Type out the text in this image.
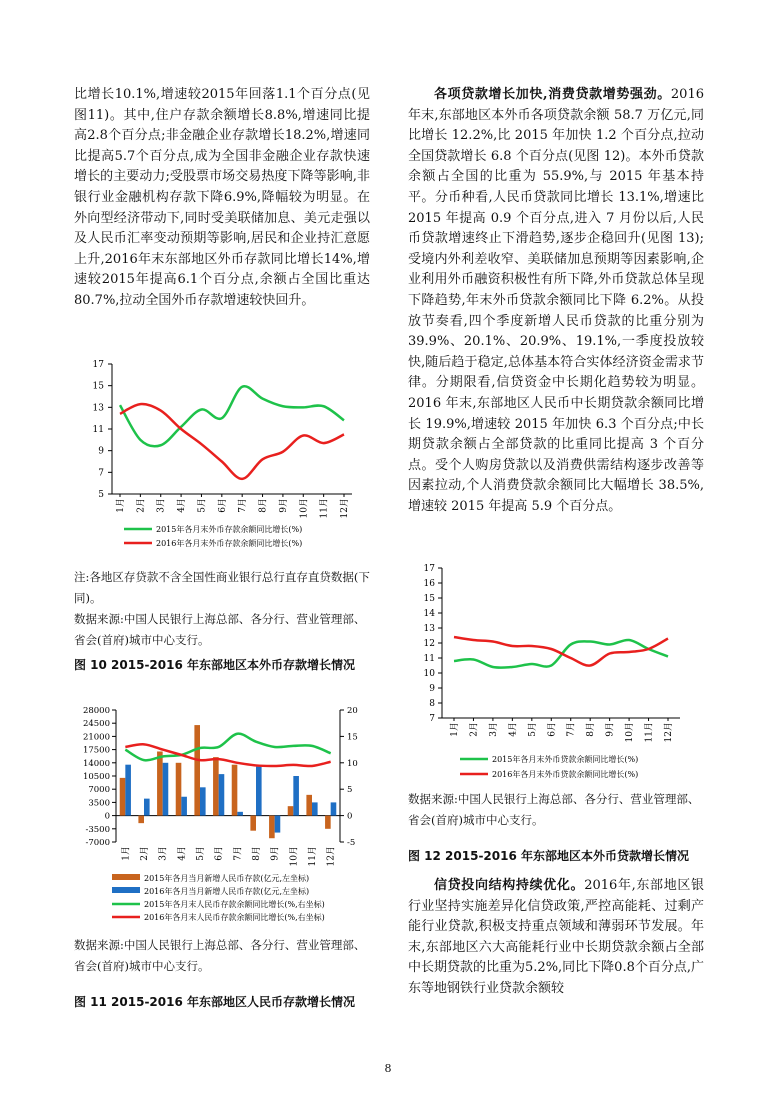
比增长10.1%,增速较2015年回落1.1个百分点(见图11)。其中,住户存款余额增长8.8%,增速同比提高2.8个百分点;非金融企业存款增长18.2%,增速同比提高5.7个百分点,成为全国非金融企业存款快速增长的主要动力;受股票市场交易热度下降等影响,非银行业金融机构存款下降6.9%,降幅较为明显。在外向型经济带动下,同时受美联储加息、美元走强以及人民币汇率变动预期等影响,居民和企业持汇意愿上升,2016年末东部地区外币存款同比增长14%,增速较2015年提高6.1个百分点,余额占全国比重达80.7%,拉动全国外币存款增速较快回升。

5
7
9
11
13
15
17
1月 2月 3月 4月 5月 6月 7月 8月 9月 10月 11月 12月
2015年各月末外币存款余额同比增长(%)
2016年各月末外币存款余额同比增长(%)

注:各地区存贷款不含全国性商业银行总行直存直贷数据(下同)。

数据来源:中国人民银行上海总部、各分行、营业管理部、省会(首府)城市中心支行。

图 10 2015-2016 年东部地区本外币存款增长情况
-7000
-3500
0
3500
7000
10500
14000
17500
21000
24500
28000
-5
0
5
10
15
20
1月 2月 3月 4月 5月 6月 7月 8月 9月 10月 11月 12月
2015年各月当月新增人民币存款(亿元,左坐标)
2016年各月当月新增人民币存款(亿元,左坐标)
2015年各月末人民币存款余额同比增长(%,右坐标)
2016年各月末人民币存款余额同比增长(%,右坐标)

数据来源:中国人民银行上海总部、各分行、营业管理部、省会(首府)城市中心支行。

图 11 2015-2016 年东部地区人民币存款增长情况

各项贷款增长加快,消费贷款增势强劲。2016 年末,东部地区本外币各项贷款余额 58.7 万亿元,同比增长 12.2%,比 2015 年加快 1.2 个百分点,拉动全国贷款增长 6.8 个百分点(见图 12)。本外币贷款余额占全国的比重为 55.9%,与 2015 年基本持平。分币种看,人民币贷款同比增长 13.1%,增速比 2015 年提高 0.9 个百分点,进入 7 月份以后,人民币贷款增速终止下滑趋势,逐步企稳回升(见图 13);受境内外利差收窄、美联储加息预期等因素影响,企业利用外币融资积极性有所下降,外币贷款总体呈现下降趋势,年末外币贷款余额同比下降 6.2%。从投放节奏看,四个季度新增人民币贷款的比重分别为 39.9%、20.1%、20.9%、19.1%,一季度投放较快,随后趋于稳定,总体基本符合实体经济资金需求节律。分期限看,信贷资金中长期化趋势较为明显。2016 年末,东部地区人民币中长期贷款余额同比增长 19.9%,增速较 2015 年加快 6.3 个百分点;中长期贷款余额占全部贷款的比重同比提高 3 个百分点。受个人购房贷款以及消费供需结构逐步改善等因素拉动,个人消费贷款余额同比大幅增长 38.5%,增速较 2015 年提高 5.9 个百分点。

7
8
9
10
11
12
13
14
15
16
17
1月 2月 3月 4月 5月 6月 7月 8月 9月 10月 11月 12月
2015年各月末外币贷款余额同比增长(%)
2016年各月末外币贷款余额同比增长(%)

数据来源:中国人民银行上海总部、各分行、营业管理部、省会(首府)城市中心支行。

图 12 2015-2016 年东部地区本外币贷款增长情况

信贷投向结构持续优化。2016年,东部地区银行业坚持实施差异化信贷政策,严控高能耗、过剩产能行业贷款,积极支持重点领域和薄弱环节发展。年末,东部地区六大高能耗行业中长期贷款余额占全部中长期贷款的比重为5.2%,同比下降0.8个百分点,广东等地钢铁行业贷款余额较

8
